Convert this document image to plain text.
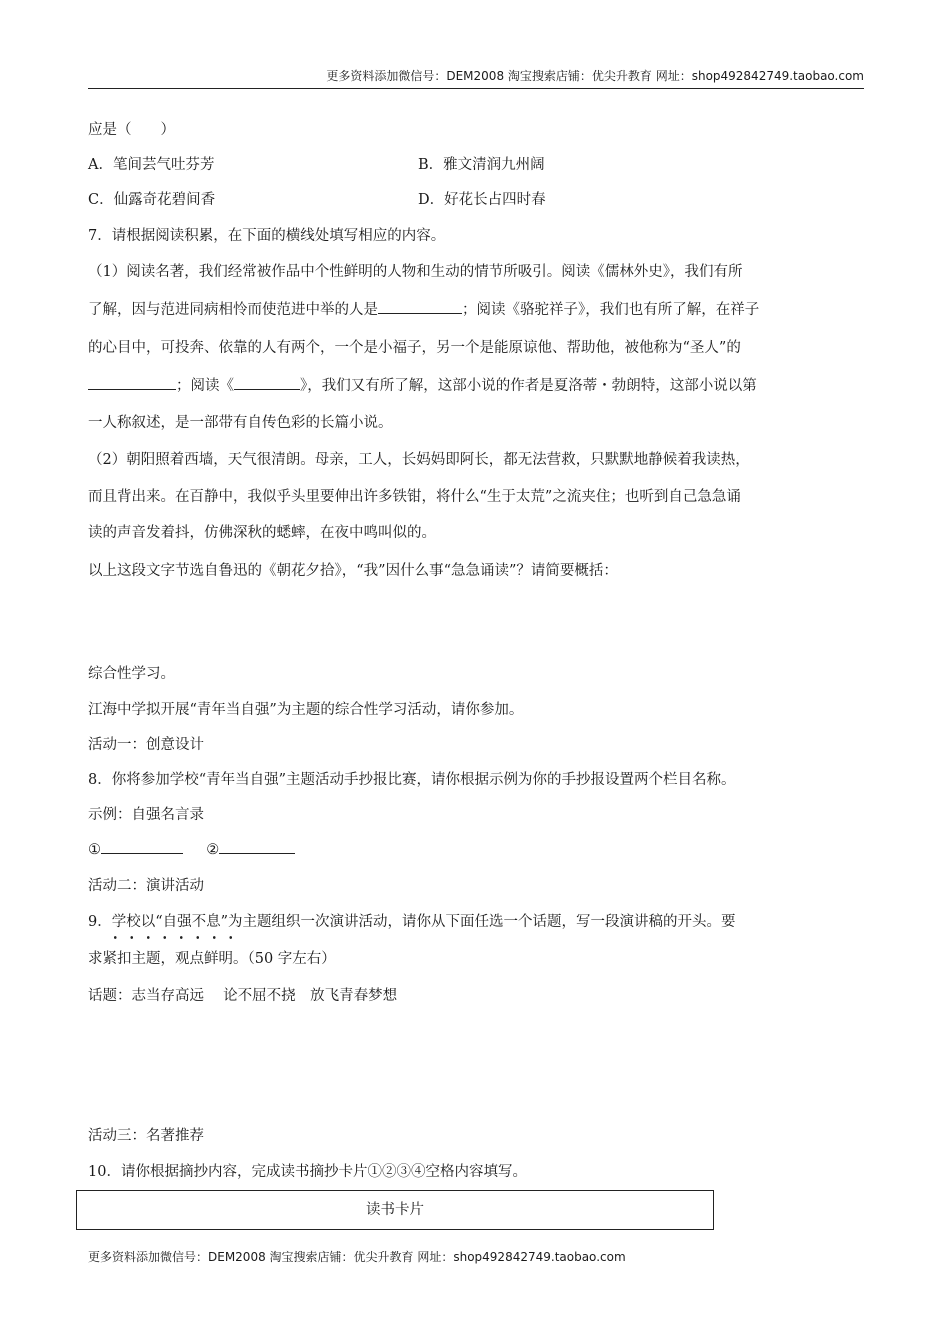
更多资料添加微信号：DEM2008 淘宝搜索店铺：优尖升教育 网址：shop492842749.taobao.com
应是（　　）
A．笔间芸气吐芬芳	B．雅文清润九州阔
C．仙露奇花碧间香	D．好花长占四时春
7．请根据阅读积累，在下面的横线处填写相应的内容。
（1）阅读名著，我们经常被作品中个性鲜明的人物和生动的情节所吸引。阅读《儒林外史》，我们有所
了解，因与范进同病相怜而使范进中举的人是	；阅读《骆驼祥子》，我们也有所了解，在祥子
的心目中，可投奔、依靠的人有两个，一个是小福子，另一个是能原谅他、帮助他，被他称为“圣人”的
；阅读《	》，我们又有所了解，这部小说的作者是夏洛蒂・勃朗特，这部小说以第
一人称叙述，是一部带有自传色彩的长篇小说。
（2）朝阳照着西墙，天气很清朗。母亲，工人，长妈妈即阿长，都无法营救，只默默地静候着我读热，
而且背出来。在百静中，我似乎头里要伸出许多铁钳，将什么“生于太荒”之流夹住；也听到自己急急诵
读的声音发着抖，仿佛深秋的蟋蟀，在夜中鸣叫似的。
以上这段文字节选自鲁迅的《朝花夕拾》，“我”因什么事“急急诵读”？请简要概括：
综合性学习。
江海中学拟开展“青年当自强”为主题的综合性学习活动，请你参加。
活动一：创意设计
8．你将参加学校“青年当自强”主题活动手抄报比赛，请你根据示例为你的手抄报设置两个栏目名称。
示例：自强名言录
①	②
活动二：演讲活动
9．学校以“自强不息”为主题组织一次演讲活动，请你从下面任选一个话题，写一段演讲稿的开头。要
求紧扣主题，观点鲜明。（50 字左右）
话题：志当存高远　 论不屈不挠　放飞青春梦想
活动三：名著推荐
10．请你根据摘抄内容，完成读书摘抄卡片①②③④空格内容填写。
读书卡片
更多资料添加微信号：DEM2008 淘宝搜索店铺：优尖升教育 网址：shop492842749.taobao.com
